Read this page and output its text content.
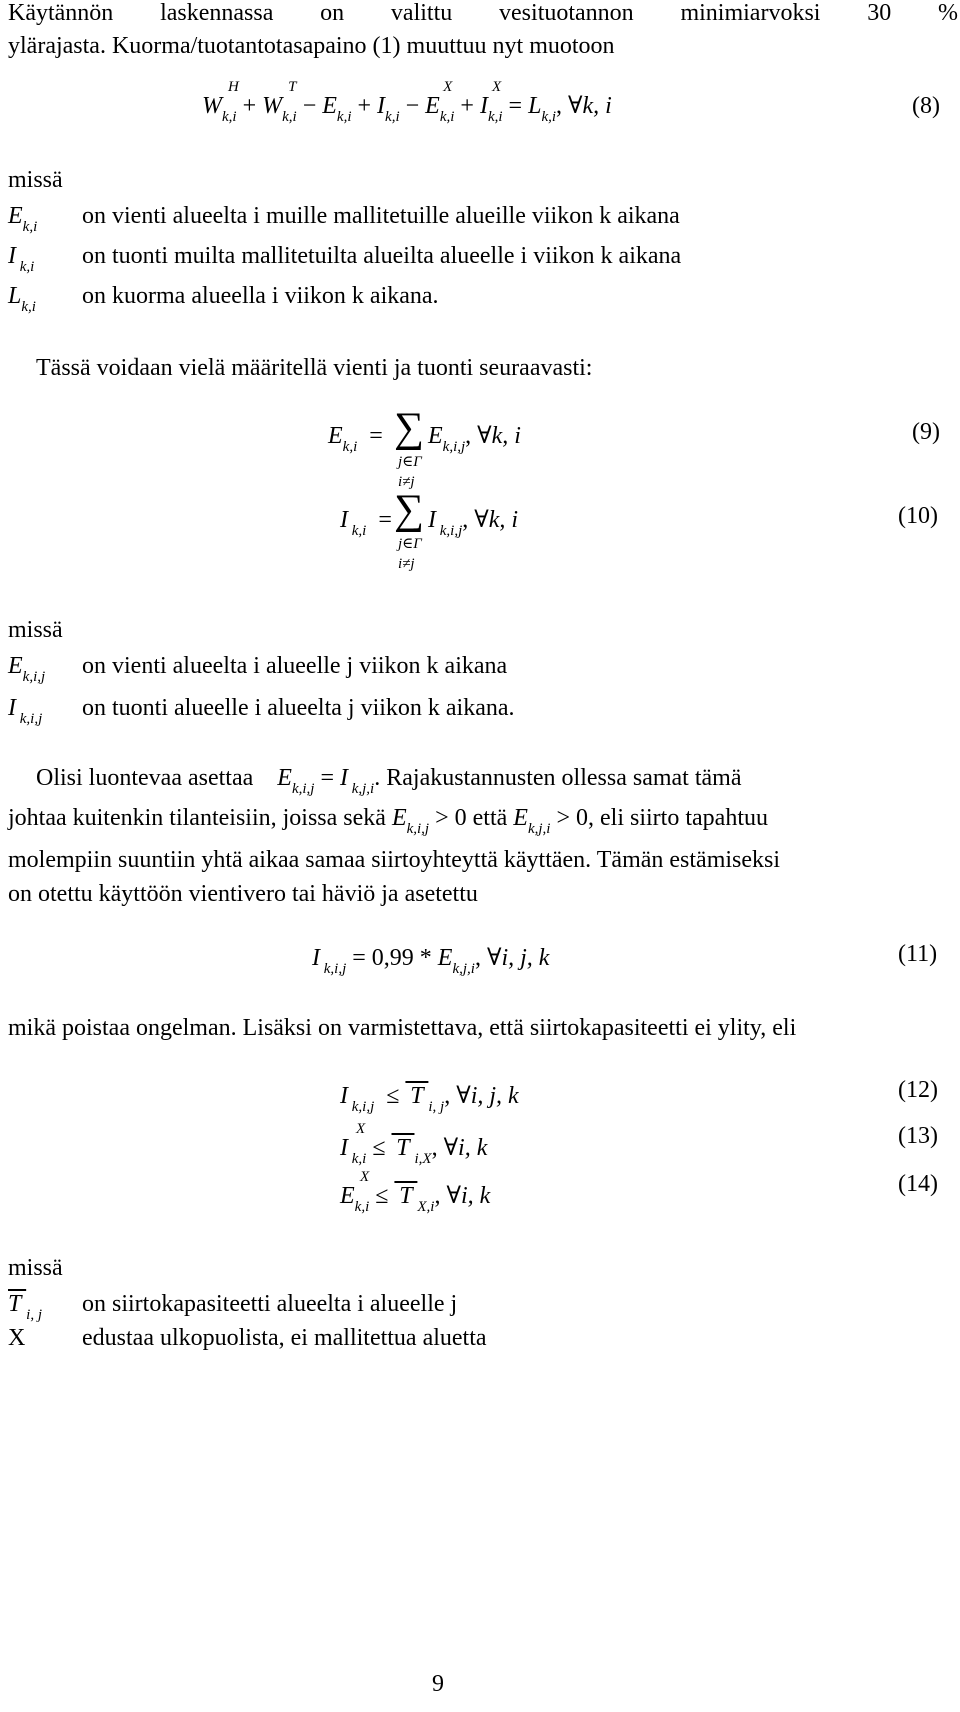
Käytännön laskennassa on valittu vesituotannon minimiarvoksi 30 %
ylärajasta. Kuorma/tuotantotasapaino (1) muuttuu nyt muotoon
W
H
$_{k,i}$ + W
T
$_{k,i} - E_{k,i} + I_{k,i} - E$
X
$_{k,i}$ + I
X
$_{k,i} = L_{k,i}$, ∀k, i	(8)
missä
$E_{k,i}$ on vienti alueelta i muille mallitetuille alueille viikon k aikana
I $_{k,i}$ on tuonti muilta mallitetuilta alueilta alueelle i viikon k aikana
$L_{k,i}$ on kuorma alueella i viikon k aikana.
Tässä voidaan vielä määritellä vienti ja tuonti seuraavasti:
$E_{k,i}$  = ∑
j∈Γ
i≠j
$E_{k,i,j}$, ∀k, i	(9)
I $_{k,i}$  = ∑
j∈Γ
i≠j
I $_{k,i,j}$, ∀k, i	(10)
missä
$E_{k,i,j}$ on vienti alueelta i alueelle j viikon k aikana
I $_{k,i,j}$ on tuonti alueelle i alueelta j viikon k aikana.
Olisi luontevaa asettaa $E_{k,i,j} = I$ $_{k,j,i}$. Rajakustannusten ollessa samat tämä
johtaa kuitenkin tilanteisiin, joissa sekä $E_{k,i,j} > 0$ että $E_{k,j,i} > 0$, eli siirto tapahtuu
molempiin suuntiin yhtä aikaa samaa siirtoyhteyttä käyttäen. Tämän estämiseksi
on otettu käyttöön vientivero tai häviö ja asetettu
I $_{k,i,j} = 0,99 * E_{k,j,i}$, ∀i, j, k	(11)
mikä poistaa ongelman. Lisäksi on varmistettava, että siirtokapasiteetti ei ylity, eli
I $_{k,i,j}$  ≤  T $_{i, j}$, ∀i, j, k	(12)
I
X
$_{k,i}$ ≤  T $_{i,X}$, ∀i, k	(13)
E
X
$_{k,i}$ ≤  T $_{X,i}$, ∀i, k	(14)
missä
T $_{i, j}$ on siirtokapasiteetti alueelta i alueelle j
X edustaa ulkopuolista, ei mallitettua aluetta
9
